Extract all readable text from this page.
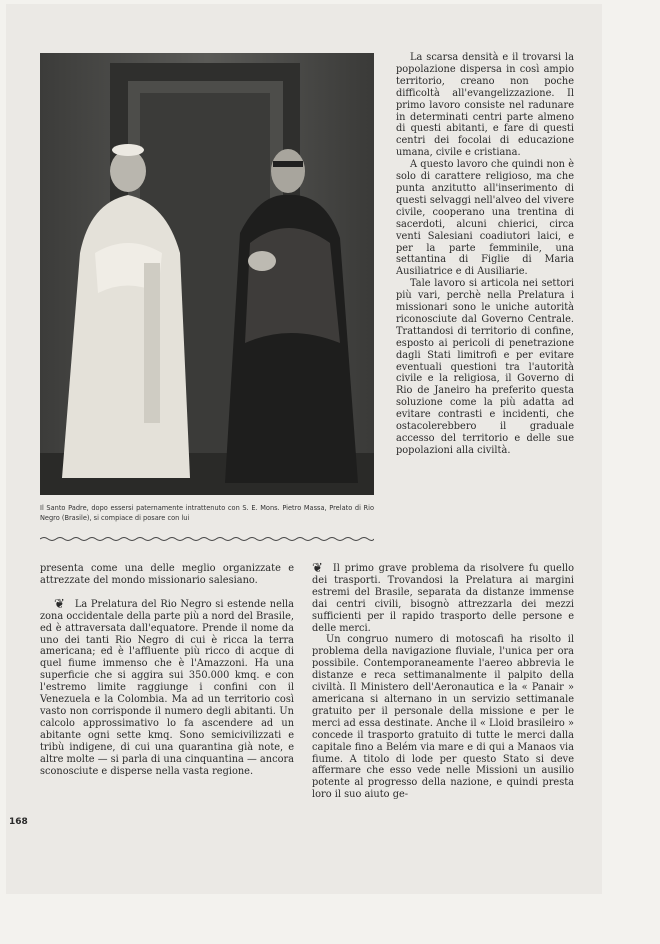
Il Santo Padre, dopo essersi paternamente intrattenuto con S. E. Mons. Pietro Massa, Prelato di Rio Negro (Brasile), si compiace di posare con lui

La scarsa densità e il trovarsi la popolazione dispersa in così ampio territorio, creano non poche difficoltà all'evangelizzazione. Il primo lavoro consiste nel radunare in determinati centri parte almeno di questi abitanti, e fare di questi centri dei focolai di educazione umana, civile e cristiana.

A questo lavoro che quindi non è solo di carattere religioso, ma che punta anzitutto all'inserimento di questi selvaggi nell'alveo del vivere civile, cooperano una trentina di sacerdoti, alcuni chierici, circa venti Salesiani coadiutori laici, e per la parte femminile, una settantina di Figlie di Maria Ausiliatrice e di Ausiliarie.

Tale lavoro si articola nei settori più vari, perchè nella Prelatura i missionari sono le uniche autorità riconosciute dal Governo Centrale. Trattandosi di territorio di confine, esposto ai pericoli di penetrazione dagli Stati limitrofi e per evitare eventuali questioni tra l'autorità civile e la religiosa, il Governo di Rio de Janeiro ha preferito questa soluzione come la più adatta ad evitare contrasti e incidenti, che ostacolerebbero il graduale accesso del territorio e delle sue popolazioni alla civiltà.

presenta come una delle meglio organizzate e attrezzate del mondo missionario salesiano.

❦ La Prelatura del Rio Negro si estende nella zona occidentale della parte più a nord del Brasile, ed è attraversata dall'equatore. Prende il nome da uno dei tanti Rio Negro di cui è ricca la terra americana; ed è l'affluente più ricco di acque di quel fiume immenso che è l'Amazzoni. Ha una superficie che si aggira sui 350.000 kmq. e con l'estremo limite raggiunge i confini con il Venezuela e la Colombia. Ma ad un territorio così vasto non corrisponde il numero degli abitanti. Un calcolo approssimativo lo fa ascendere ad un abitante ogni sette kmq. Sono semicivilizzati e tribù indigene, di cui una quarantina già note, e altre molte — si parla di una cinquantina — ancora sconosciute e disperse nella vasta regione.

❦ Il primo grave problema da risolvere fu quello dei trasporti. Trovandosi la Prelatura ai margini estremi del Brasile, separata da distanze immense dai centri civili, bisognò attrezzarla dei mezzi sufficienti per il rapido trasporto delle persone e delle merci.

Un congruo numero di motoscafi ha risolto il problema della navigazione fluviale, l'unica per ora possibile. Contemporaneamente l'aereo abbrevia le distanze e reca settimanalmente il palpito della civiltà. Il Ministero dell'Aeronautica e la « Panair » americana si alternano in un servizio settimanale gratuito per il personale della missione e per le merci ad essa destinate. Anche il « Lloid brasileiro » concede il trasporto gratuito di tutte le merci dalla capitale fino a Belém via mare e di qui a Manaos via fiume. A titolo di lode per questo Stato si deve affermare che esso vede nelle Missioni un ausilio potente al progresso della nazione, e quindi presta loro il suo aiuto ge-

168
